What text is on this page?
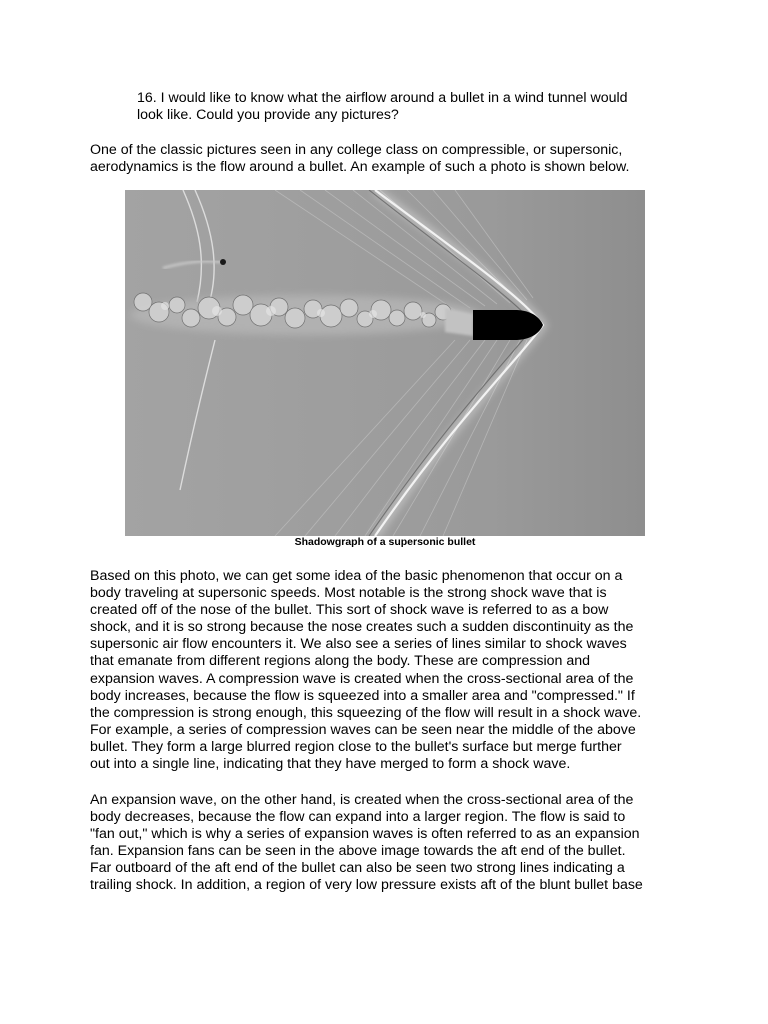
16. I would like to know what the airflow around a bullet in a wind tunnel would
look like. Could you provide any pictures?

One of the classic pictures seen in any college class on compressible, or supersonic,
aerodynamics is the flow around a bullet. An example of such a photo is shown below.

Shadowgraph of a supersonic bullet

Based on this photo, we can get some idea of the basic phenomenon that occur on a
body traveling at supersonic speeds. Most notable is the strong shock wave that is
created off of the nose of the bullet. This sort of shock wave is referred to as a bow
shock, and it is so strong because the nose creates such a sudden discontinuity as the
supersonic air flow encounters it. We also see a series of lines similar to shock waves
that emanate from different regions along the body. These are compression and
expansion waves. A compression wave is created when the cross-sectional area of the
body increases, because the flow is squeezed into a smaller area and "compressed." If
the compression is strong enough, this squeezing of the flow will result in a shock wave.
For example, a series of compression waves can be seen near the middle of the above
bullet. They form a large blurred region close to the bullet's surface but merge further
out into a single line, indicating that they have merged to form a shock wave.

An expansion wave, on the other hand, is created when the cross-sectional area of the
body decreases, because the flow can expand into a larger region. The flow is said to
"fan out," which is why a series of expansion waves is often referred to as an expansion
fan. Expansion fans can be seen in the above image towards the aft end of the bullet.
Far outboard of the aft end of the bullet can also be seen two strong lines indicating a
trailing shock. In addition, a region of very low pressure exists aft of the blunt bullet base
